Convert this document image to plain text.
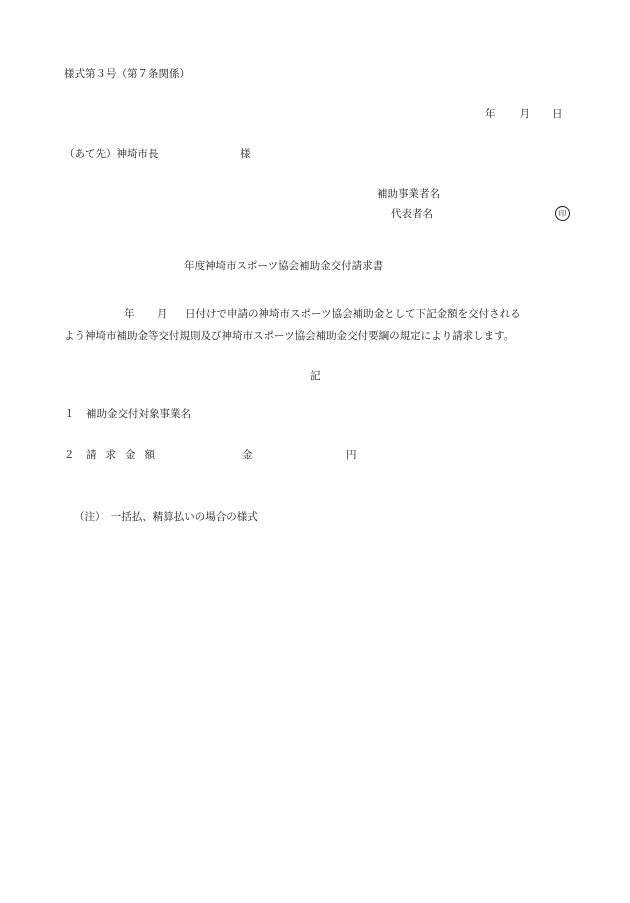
様式第３号（第７条関係）
年 月 日
（あて先）神埼市長	様
補助事業者名
代表者名	印
年度神埼市スポーツ協会補助金交付請求書
年 月 日付けで申請の神埼市スポーツ協会補助金として下記金額を交付される
よう神埼市補助金等交付規則及び神埼市スポーツ協会補助金交付要綱の規定により請求します。
記
１ 補助金交付対象事業名
２ 請求金額	金	円
（注）　一括払、精算払いの場合の様式
